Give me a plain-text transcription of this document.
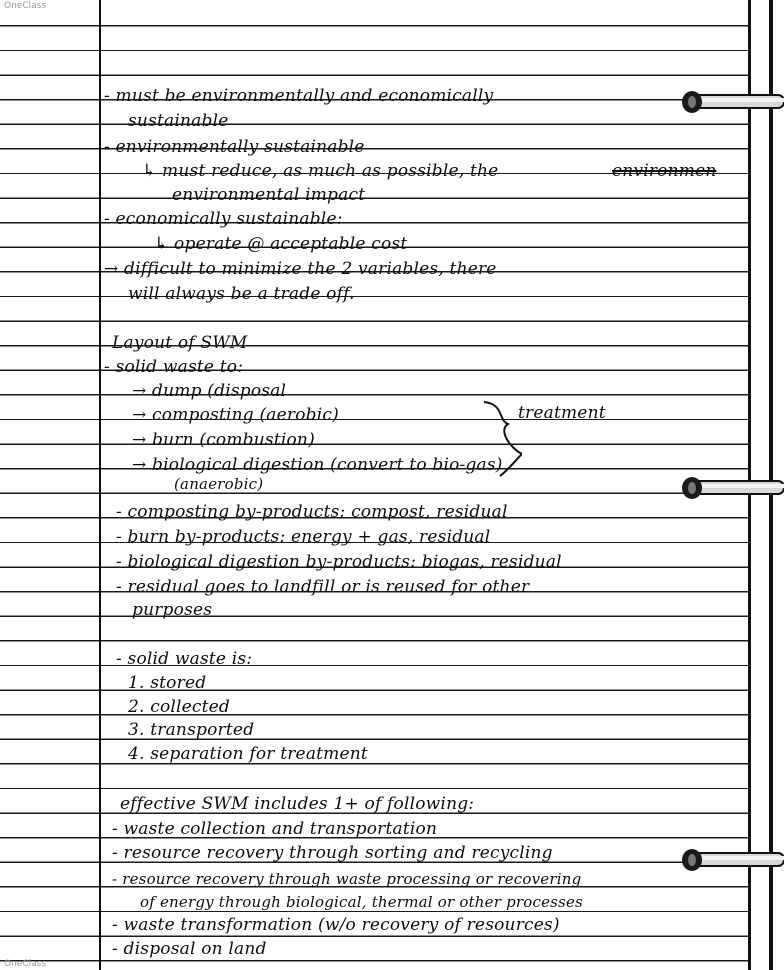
OneClass
OneClass
- must be environmentally and economically
sustainable
- environmentally sustainable
↳ must reduce, as much as possible, the	environmen
environmental impact
- economically sustainable:
↳ operate @ acceptable cost
→ difficult to minimize the 2 variables, there
will always be a trade off.
Layout of SWM
- solid waste to:
→ dump (disposal
→ composting (aerobic)	treatment
→ burn (combustion)
→ biological digestion (convert to bio-gas)
(anaerobic)
- composting by-products: compost, residual
- burn by-products: energy + gas, residual
- biological digestion by-products: biogas, residual
- residual goes to landfill or is reused for other
purposes
- solid waste is:
1. stored
2. collected
3. transported
4. separation for treatment
effective SWM includes 1+ of following:
- waste collection and transportation
- resource recovery through sorting and recycling
- resource recovery through waste processing or recovering
of energy through biological, thermal or other processes
- waste transformation (w/o recovery of resources)
- disposal on land
